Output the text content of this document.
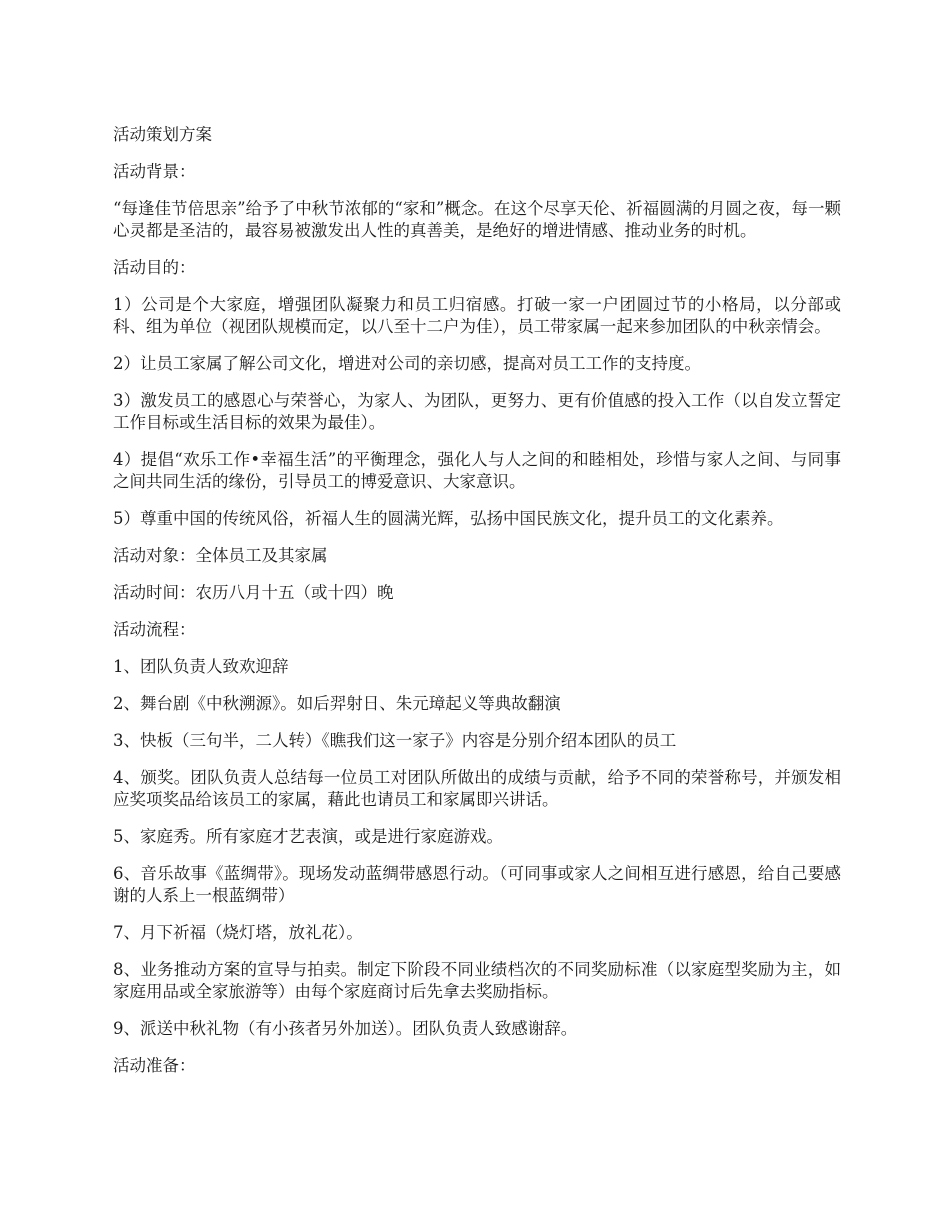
活动策划方案

活动背景：

“每逢佳节倍思亲”给予了中秋节浓郁的“家和”概念。在这个尽享天伦、祈福圆满的月圆之夜，每一颗心灵都是圣洁的，最容易被激发出人性的真善美，是绝好的增进情感、推动业务的时机。

活动目的：

1）公司是个大家庭，增强团队凝聚力和员工归宿感。打破一家一户团圆过节的小格局，以分部或科、组为单位（视团队规模而定，以八至十二户为佳），员工带家属一起来参加团队的中秋亲情会。

2）让员工家属了解公司文化，增进对公司的亲切感，提高对员工工作的支持度。

3）激发员工的感恩心与荣誉心，为家人、为团队，更努力、更有价值感的投入工作（以自发立誓定工作目标或生活目标的效果为最佳）。

4）提倡“欢乐工作•幸福生活”的平衡理念，强化人与人之间的和睦相处，珍惜与家人之间、与同事之间共同生活的缘份，引导员工的博爱意识、大家意识。

5）尊重中国的传统风俗，祈福人生的圆满光辉，弘扬中国民族文化，提升员工的文化素养。

活动对象：全体员工及其家属

活动时间：农历八月十五（或十四）晚

活动流程：

1、团队负责人致欢迎辞

2、舞台剧《中秋溯源》。如后羿射日、朱元璋起义等典故翻演

3、快板（三句半，二人转）《瞧我们这一家子》内容是分别介绍本团队的员工

4、颁奖。团队负责人总结每一位员工对团队所做出的成绩与贡献，给予不同的荣誉称号，并颁发相应奖项奖品给该员工的家属，藉此也请员工和家属即兴讲话。

5、家庭秀。所有家庭才艺表演，或是进行家庭游戏。

6、音乐故事《蓝绸带》。现场发动蓝绸带感恩行动。（可同事或家人之间相互进行感恩，给自己要感谢的人系上一根蓝绸带）

7、月下祈福（烧灯塔，放礼花）。

8、业务推动方案的宣导与拍卖。制定下阶段不同业绩档次的不同奖励标准（以家庭型奖励为主，如家庭用品或全家旅游等）由每个家庭商讨后先拿去奖励指标。

9、派送中秋礼物（有小孩者另外加送）。团队负责人致感谢辞。

活动准备：
